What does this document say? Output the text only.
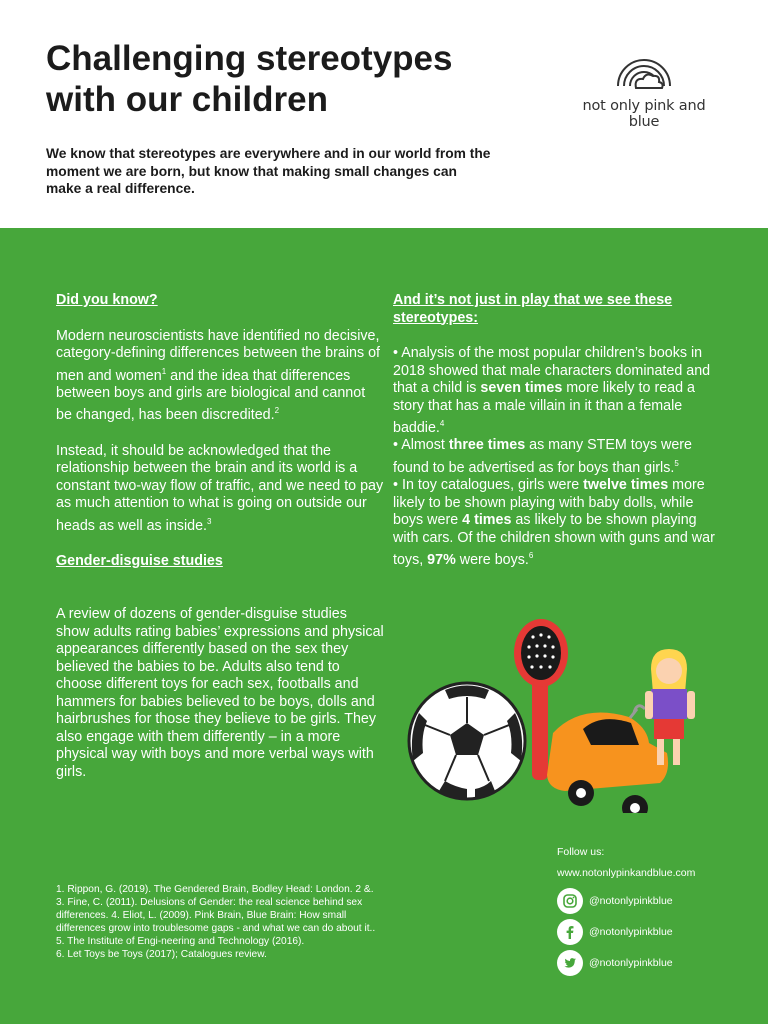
Challenging stereotypes
with our children	not only pink and blue

We know that stereotypes are everywhere and in our world from the moment we are born, but know that making small changes can make a real difference.

Did you know?

Modern neuroscientists have identified no decisive, category-defining differences between the brains of men and women$^1$ and the idea that differences between boys and girls are biological and cannot be changed, has been discredited.$^2$

Instead, it should be acknowledged that the relationship between the brain and its world is a constant two-way flow of traffic, and we need to pay as much attention to what is going on outside our heads as well as inside.$^3$

Gender-disguise studies

A review of dozens of gender-disguise studies show adults rating babies’ expressions and physical appearances differently based on the sex they believed the babies to be. Adults also tend to choose different toys for each sex, footballs and hammers for babies believed to be boys, dolls and hairbrushes for those they believe to be girls. They also engage with them differently – in a more physical way with boys and more verbal ways with girls.

And it’s not just in play that we see these stereotypes:

• Analysis of the most popular children’s books in 2018 showed that male characters dominated and that a child is seven times more likely to read a story that has a male villain in it than a female baddie.$^4$

• Almost three times as many STEM toys were found to be advertised as for boys than girls.$^5$

• In toy catalogues, girls were twelve times more likely to be shown playing with baby dolls, while boys were 4 times as likely to be shown playing with cars. Of the children shown with guns and war toys, 97% were boys.$^6$

Follow us:
www.notonlypinkandblue.com
@notonlypinkblue
@notonlypinkblue
@notonlypinkblue

1. Rippon, G. (2019). The Gendered Brain, Bodley Head: London. 2 &. 3. Fine, C. (2011). Delusions of Gender: the real science behind sex differences. 4. Eliot, L. (2009). Pink Brain, Blue Brain: How small differences grow into troublesome gaps - and what we can do about it.. 5. The Institute of Engi-neering and Technology (2016).
6. Let Toys be Toys (2017); Catalogues review.
